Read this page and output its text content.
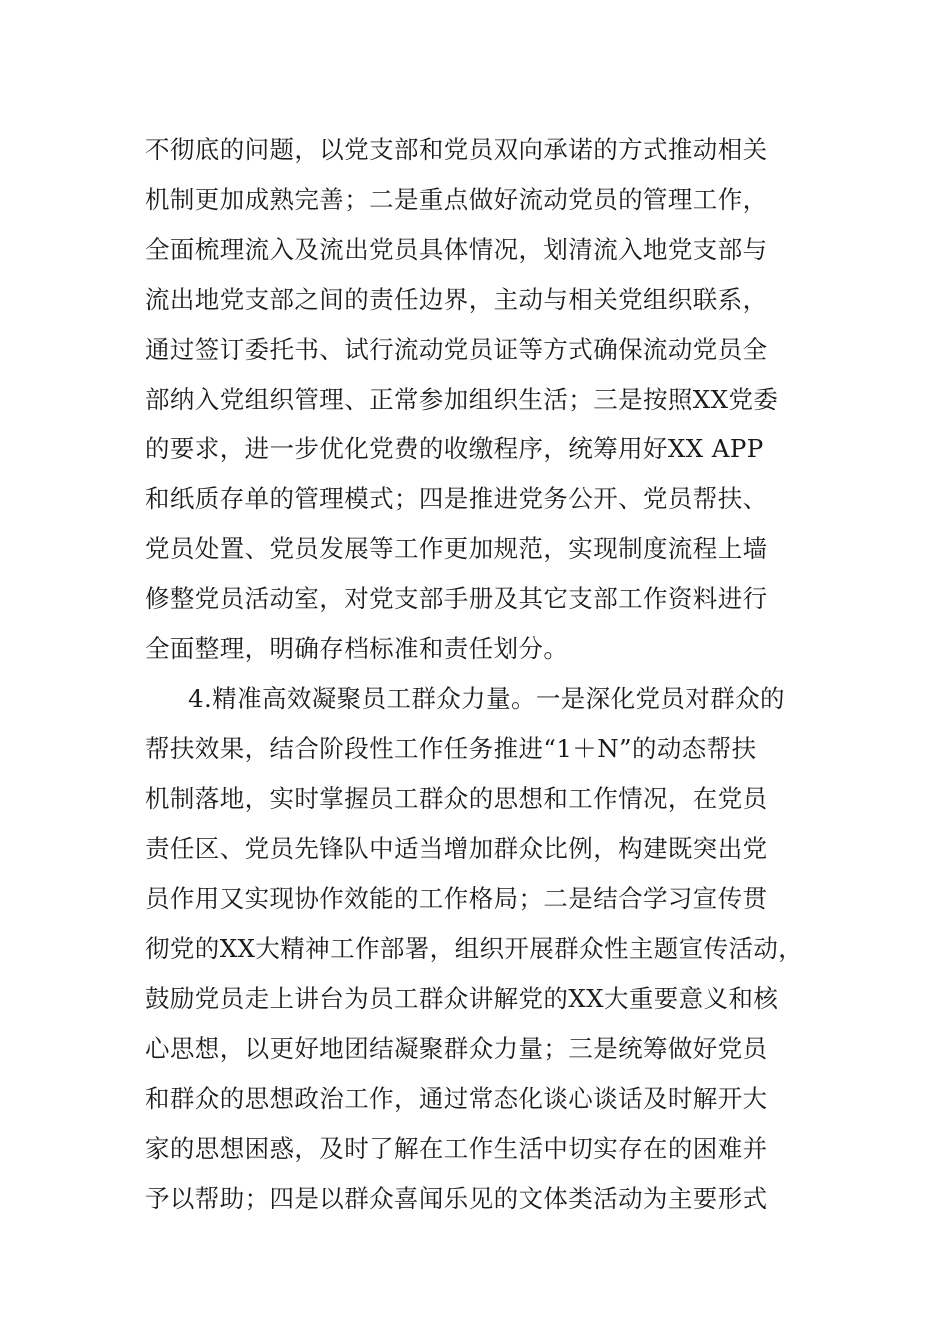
不彻底的问题，以党支部和党员双向承诺的方式推动相关
机制更加成熟完善；二是重点做好流动党员的管理工作，
全面梳理流入及流出党员具体情况，划清流入地党支部与
流出地党支部之间的责任边界，主动与相关党组织联系，
通过签订委托书、试行流动党员证等方式确保流动党员全
部纳入党组织管理、正常参加组织生活；三是按照XX党委
的要求，进一步优化党费的收缴程序，统筹用好XX APP
和纸质存单的管理模式；四是推进党务公开、党员帮扶、
党员处置、党员发展等工作更加规范，实现制度流程上墙
修整党员活动室，对党支部手册及其它支部工作资料进行
全面整理，明确存档标准和责任划分。
4.精准高效凝聚员工群众力量。一是深化党员对群众的
帮扶效果，结合阶段性工作任务推进“1＋N”的动态帮扶
机制落地，实时掌握员工群众的思想和工作情况，在党员
责任区、党员先锋队中适当增加群众比例，构建既突出党
员作用又实现协作效能的工作格局；二是结合学习宣传贯
彻党的XX大精神工作部署，组织开展群众性主题宣传活动，
鼓励党员走上讲台为员工群众讲解党的XX大重要意义和核
心思想，以更好地团结凝聚群众力量；三是统筹做好党员
和群众的思想政治工作，通过常态化谈心谈话及时解开大
家的思想困惑，及时了解在工作生活中切实存在的困难并
予以帮助；四是以群众喜闻乐见的文体类活动为主要形式
